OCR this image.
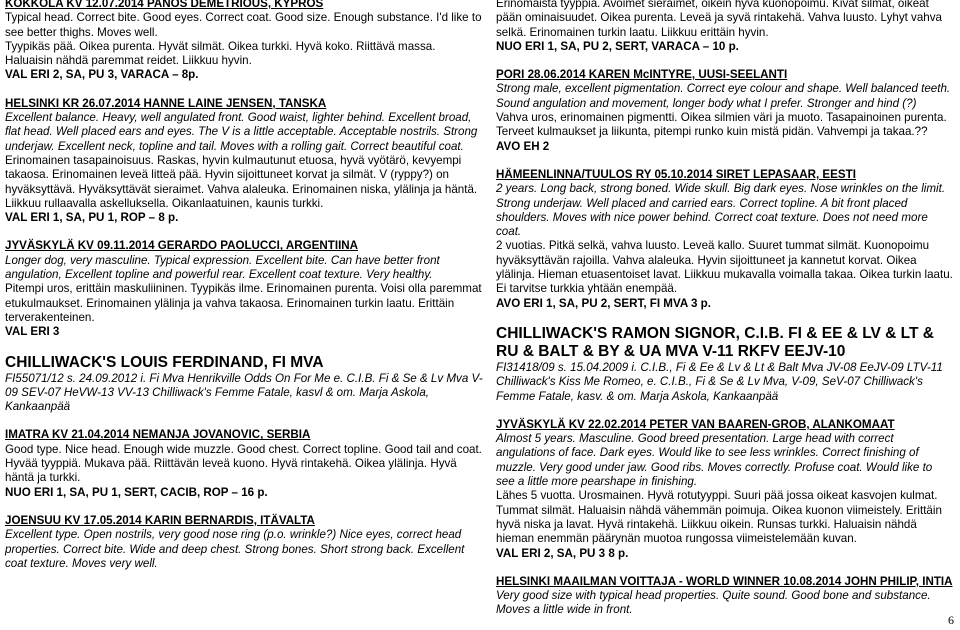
KOKKOLA KV 12.07.2014 PANOS DEMETRIOUS, KYPROS

Typical head. Correct bite. Good eyes. Correct coat. Good size. Enough substance. I'd like to see better thighs. Moves well.

Tyypikäs pää. Oikea purenta. Hyvät silmät. Oikea turkki. Hyvä koko. Riittävä massa. Haluaisin nähdä paremmat reidet. Liikkuu hyvin.

VAL ERI 2, SA, PU 3, VARACA – 8p.

HELSINKI KR 26.07.2014 HANNE LAINE JENSEN, TANSKA

Excellent balance. Heavy, well angulated front. Good waist, lighter behind. Excellent broad, flat head. Well placed ears and eyes. The V is a little acceptable. Acceptable nostrils. Strong underjaw. Excellent neck, topline and tail. Moves with a rolling gait. Correct beautiful coat.

Erinomainen tasapainoisuus. Raskas, hyvin kulmautunut etuosa, hyvä vyötärö, kevyempi takaosa. Erinomainen leveä litteä pää. Hyvin sijoittuneet korvat ja silmät. V (ryppy?) on hyväksyttävä. Hyväksyttävät sieraimet. Vahva alaleuka. Erinomainen niska, ylälinja ja häntä. Liikkuu rullaavalla askelluksella. Oikanlaatuinen, kaunis turkki.

VAL ERI 1, SA, PU 1, ROP – 8 p.

JYVÄSKYLÄ KV 09.11.2014 GERARDO PAOLUCCI, ARGENTIINA

Longer dog, very masculine. Typical expression. Excellent bite. Can have better front angulation, Excellent topline and powerful rear. Excellent coat texture. Very healthy.

Pitempi uros, erittäin maskuliininen. Tyypikäs ilme. Erinomainen purenta. Voisi olla paremmat etukulmaukset. Erinomainen ylälinja ja vahva takaosa. Erinomainen turkin laatu. Erittäin terverakenteinen.

VAL ERI 3

CHILLIWACK'S LOUIS FERDINAND, FI MVA

FI55071/12 s. 24.09.2012 i. Fi Mva Henrikville Odds On For Me e. C.I.B. Fi & Se & Lv Mva V-09 SEV-07 HeVW-13 VV-13 Chilliwack's Femme Fatale, kasvl & om. Marja Askola, Kankaanpää

IMATRA KV 21.04.2014 NEMANJA JOVANOVIC, SERBIA

Good type. Nice head. Enough wide muzzle. Good chest. Correct topline. Good tail and coat.

Hyvää tyyppiä. Mukava pää. Riittävän leveä kuono. Hyvä rintakehä. Oikea ylälinja. Hyvä häntä ja turkki.

NUO ERI 1, SA, PU 1, SERT, CACIB, ROP – 16 p.

JOENSUU KV 17.05.2014 KARIN BERNARDIS, ITÄVALTA

Excellent type. Open nostrils, very good nose ring (p.o. wrinkle?) Nice eyes, correct head properties. Correct bite. Wide and deep chest. Strong bones. Short strong back. Excellent coat texture. Moves very well.

Erinomaista tyyppiä. Avoimet sieraimet, oikein hyvä kuonopoimu. Kivat silmät, oikeat pään ominaisuudet. Oikea purenta. Leveä ja syvä rintakehä. Vahva luusto. Lyhyt vahva selkä. Erinomainen turkin laatu. Liikkuu erittäin hyvin.

NUO ERI 1, SA, PU 2, SERT, VARACA – 10 p.

PORI 28.06.2014 KAREN McINTYRE, UUSI-SEELANTI

Strong male, excellent pigmentation. Correct eye colour and shape. Well balanced teeth. Sound angulation and movement, longer body what I prefer. Stronger and hind (?)

Vahva uros, erinomainen pigmentti. Oikea silmien väri ja muoto. Tasapainoinen purenta. Terveet kulmaukset ja liikunta, pitempi runko kuin mistä pidän. Vahvempi ja takaa.??

AVO EH 2

HÄMEENLINNA/TUULOS RY 05.10.2014 SIRET LEPASAAR, EESTI

2 years. Long back, strong boned. Wide skull. Big dark eyes. Nose wrinkles on the limit. Strong underjaw. Well placed and carried ears. Correct topline. A bit front placed shoulders. Moves with nice power behind. Correct coat texture. Does not need more coat.

2 vuotias. Pitkä selkä, vahva luusto. Leveä kallo. Suuret tummat silmät. Kuonopoimu hyväksyttävän rajoilla. Vahva alaleuka. Hyvin sijoittuneet ja kannetut korvat. Oikea ylälinja. Hieman etuasentoiset lavat. Liikkuu mukavalla voimalla takaa. Oikea turkin laatu. Ei tarvitse turkkia yhtään enempää.

AVO ERI 1, SA, PU 2, SERT, FI MVA 3 p.

CHILLIWACK'S RAMON SIGNOR, C.I.B. FI & EE & LV & LT & RU & BALT & BY & UA MVA V-11 RKFV EEJV-10

FI31418/09 s. 15.04.2009 i. C.I.B., Fi & Ee & Lv & Lt & Balt Mva JV-08 EeJV-09 LTV-11 Chilliwack's Kiss Me Romeo, e. C.I.B., Fi & Se & Lv Mva, V-09, SeV-07 Chilliwack's Femme Fatale, kasv. & om. Marja Askola, Kankaanpää

JYVÄSKYLÄ KV 22.02.2014 PETER VAN BAAREN-GROB, ALANKOMAAT

Almost 5 years. Masculine. Good breed presentation. Large head with correct angulations of face. Dark eyes. Would like to see less wrinkles. Correct finishing of muzzle. Very good under jaw. Good ribs. Moves correctly. Profuse coat. Would like to see a little more pearshape in finishing.

Lähes 5 vuotta. Urosmainen. Hyvä rotutyyppi. Suuri pää jossa oikeat kasvojen kulmat. Tummat silmät. Haluaisin nähdä vähemmän poimuja. Oikea kuonon viimeistely. Erittäin hyvä niska ja lavat. Hyvä rintakehä. Liikkuu oikein. Runsas turkki. Haluaisin nähdä hieman enemmän päärynän muotoa rungossa viimeistelemään kuvan.

VAL ERI 2, SA, PU 3 8 p.

HELSINKI MAAILMAN VOITTAJA - WORLD WINNER 10.08.2014 JOHN PHILIP, INTIA

Very good size with typical head properties. Quite sound. Good bone and substance. Moves a little wide in front.

6
